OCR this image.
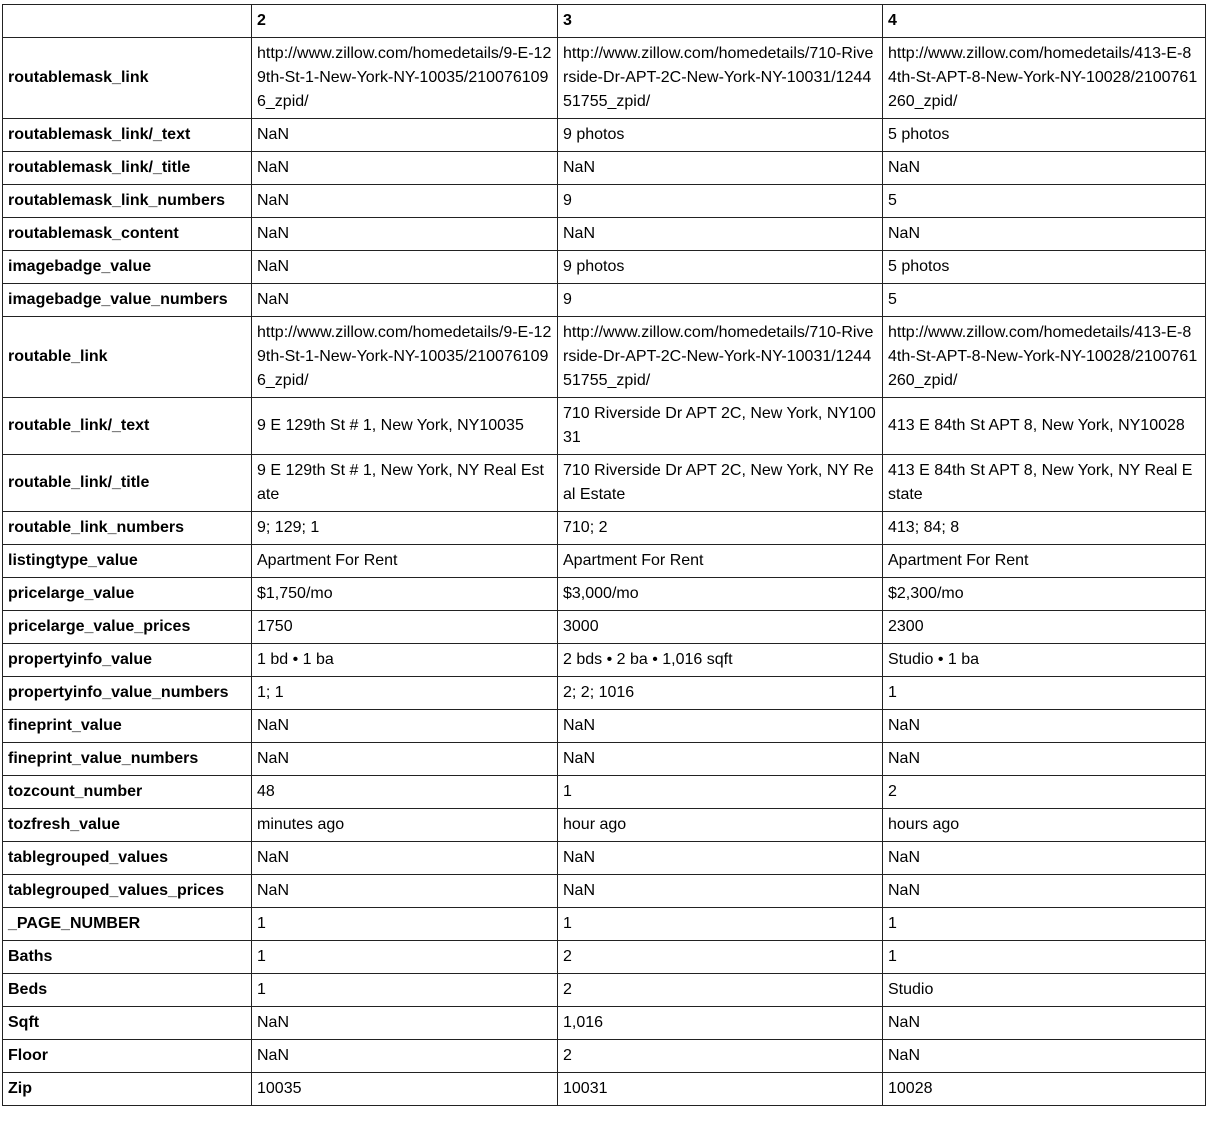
	2	3	4
routablemask_link	http://www.zillow.com/homedetails/9-E-129th-St-1-New-York-NY-10035/2100761096_zpid/	http://www.zillow.com/homedetails/710-Riverside-Dr-APT-2C-New-York-NY-10031/124451755_zpid/	http://www.zillow.com/homedetails/413-E-84th-St-APT-8-New-York-NY-10028/2100761260_zpid/
routablemask_link/_text	NaN	9 photos	5 photos
routablemask_link/_title	NaN	NaN	NaN
routablemask_link_numbers	NaN	9	5
routablemask_content	NaN	NaN	NaN
imagebadge_value	NaN	9 photos	5 photos
imagebadge_value_numbers	NaN	9	5
routable_link	http://www.zillow.com/homedetails/9-E-129th-St-1-New-York-NY-10035/2100761096_zpid/	http://www.zillow.com/homedetails/710-Riverside-Dr-APT-2C-New-York-NY-10031/124451755_zpid/	http://www.zillow.com/homedetails/413-E-84th-St-APT-8-New-York-NY-10028/2100761260_zpid/
routable_link/_text	9 E 129th St # 1, New York, NY10035	710 Riverside Dr APT 2C, New York, NY10031	413 E 84th St APT 8, New York, NY10028
routable_link/_title	9 E 129th St # 1, New York, NY Real Estate	710 Riverside Dr APT 2C, New York, NY Real Estate	413 E 84th St APT 8, New York, NY Real Estate
routable_link_numbers	9; 129; 1	710; 2	413; 84; 8
listingtype_value	Apartment For Rent	Apartment For Rent	Apartment For Rent
pricelarge_value	$1,750/mo	$3,000/mo	$2,300/mo
pricelarge_value_prices	1750	3000	2300
propertyinfo_value	1 bd • 1 ba	2 bds • 2 ba • 1,016 sqft	Studio • 1 ba
propertyinfo_value_numbers	1; 1	2; 2; 1016	1
fineprint_value	NaN	NaN	NaN
fineprint_value_numbers	NaN	NaN	NaN
tozcount_number	48	1	2
tozfresh_value	minutes ago	hour ago	hours ago
tablegrouped_values	NaN	NaN	NaN
tablegrouped_values_prices	NaN	NaN	NaN
_PAGE_NUMBER	1	1	1
Baths	1	2	1
Beds	1	2	Studio
Sqft	NaN	1,016	NaN
Floor	NaN	2	NaN
Zip	10035	10031	10028
